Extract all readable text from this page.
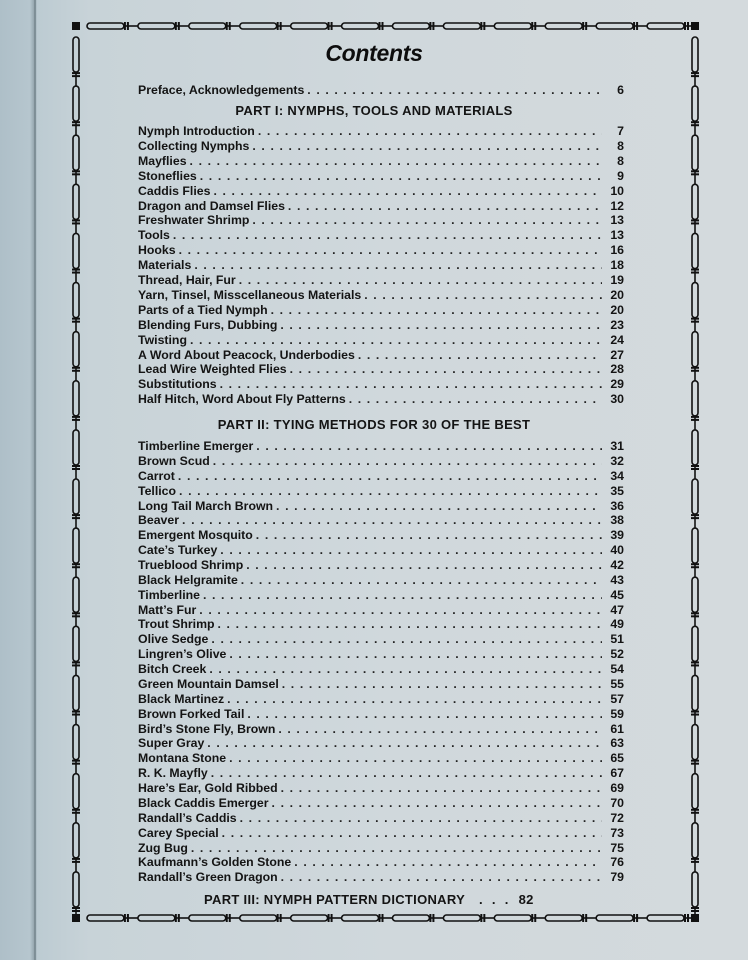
Contents
Preface, Acknowledgements . . .	6
PART I: NYMPHS, TOOLS AND MATERIALS
Nymph Introduction . . .	7
Collecting Nymphs . . .	8
Mayflies . . .	8
Stoneflies . . .	9
Caddis Flies . . .	10
Dragon and Damsel Flies . . .	12
Freshwater Shrimp . . .	13
Tools . . .	13
Hooks . . .	16
Materials . . .	18
Thread, Hair, Fur . . .	19
Yarn, Tinsel, Misscellaneous Materials . . .	20
Parts of a Tied Nymph . . .	20
Blending Furs, Dubbing . . .	23
Twisting . . .	24
A Word About Peacock, Underbodies . . .	27
Lead Wire Weighted Flies . . .	28
Substitutions . . .	29
Half Hitch, Word About Fly Patterns . . .	30
PART II: TYING METHODS FOR 30 OF THE BEST
Timberline Emerger . . .	31
Brown Scud . . .	32
Carrot . . .	34
Tellico . . .	35
Long Tail March Brown . . .	36
Beaver . . .	38
Emergent Mosquito . . .	39
Cate’s Turkey . . .	40
Trueblood Shrimp . . .	42
Black Helgramite . . .	43
Timberline . . .	45
Matt’s Fur . . .	47
Trout Shrimp . . .	49
Olive Sedge . . .	51
Lingren’s Olive . . .	52
Bitch Creek . . .	54
Green Mountain Damsel . . .	55
Black Martinez . . .	57
Brown Forked Tail . . .	59
Bird’s Stone Fly, Brown . . .	61
Super Gray . . .	63
Montana Stone . . .	65
R. K. Mayfly . . .	67
Hare’s Ear, Gold Ribbed . . .	69
Black Caddis Emerger . . .	70
Randall’s Caddis . . .	72
Carey Special . . .	73
Zug Bug . . .	75
Kaufmann’s Golden Stone . . .	76
Randall’s Green Dragon . . .	79
PART III: NYMPH PATTERN DICTIONARY . . . 82
